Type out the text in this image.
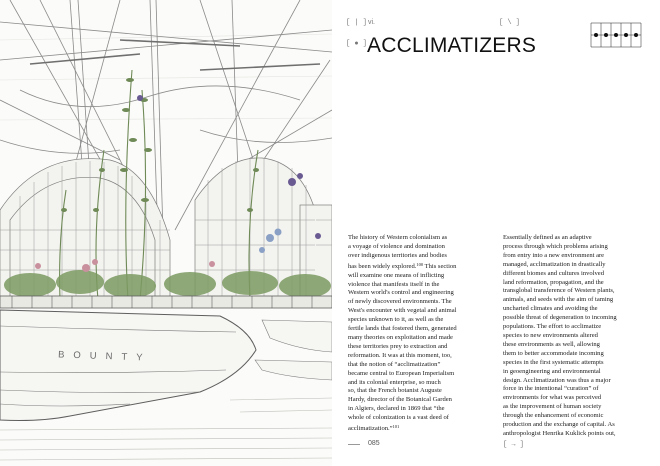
BOUNTY
[ | ] vi.	[ \ ]
[ ● ] ACCLIMATIZERS
The history of Western colonialism as
a voyage of violence and domination
over indigenous territories and bodies
has been widely explored.$^{100}$ This section
will examine one means of inflicting
violence that manifests itself in the
Western world's control and engineering
of newly discovered environments. The
West's encounter with vegetal and animal
species unknown to it, as well as the
fertile lands that fostered them, generated
many theories on exploitation and made
these territories prey to extraction and
reformation. It was at this moment, too,
that the notion of “acclimatization”
became central to European Imperialism
and its colonial enterprise, so much
so, that the French botanist Auguste
Hardy, director of the Botanical Garden
in Algiers, declared in 1869 that “the
whole of colonization is a vast deed of
acclimatization.”$^{101}$
Essentially defined as an adaptive
process through which problems arising
from entry into a new environment are
managed, acclimatization in drastically
different biomes and cultures involved
land reformation, propagation, and the
transglobal transference of Western plants,
animals, and seeds with the aim of taming
uncharted climates and avoiding the
possible threat of degeneration to incoming
populations. The effort to acclimatize
species to new environments altered
these environments as well, allowing
them to better accommodate incoming
species in the first systematic attempts
in geoengineering and environmental
design. Acclimatization was thus a major
force in the intentional “curation” of
environments for what was perceived
as the improvement of human society
through the enhancement of economic
production and the exchange of capital. As
anthropologist Henrika Kuklick points out,
085	[ → ]
